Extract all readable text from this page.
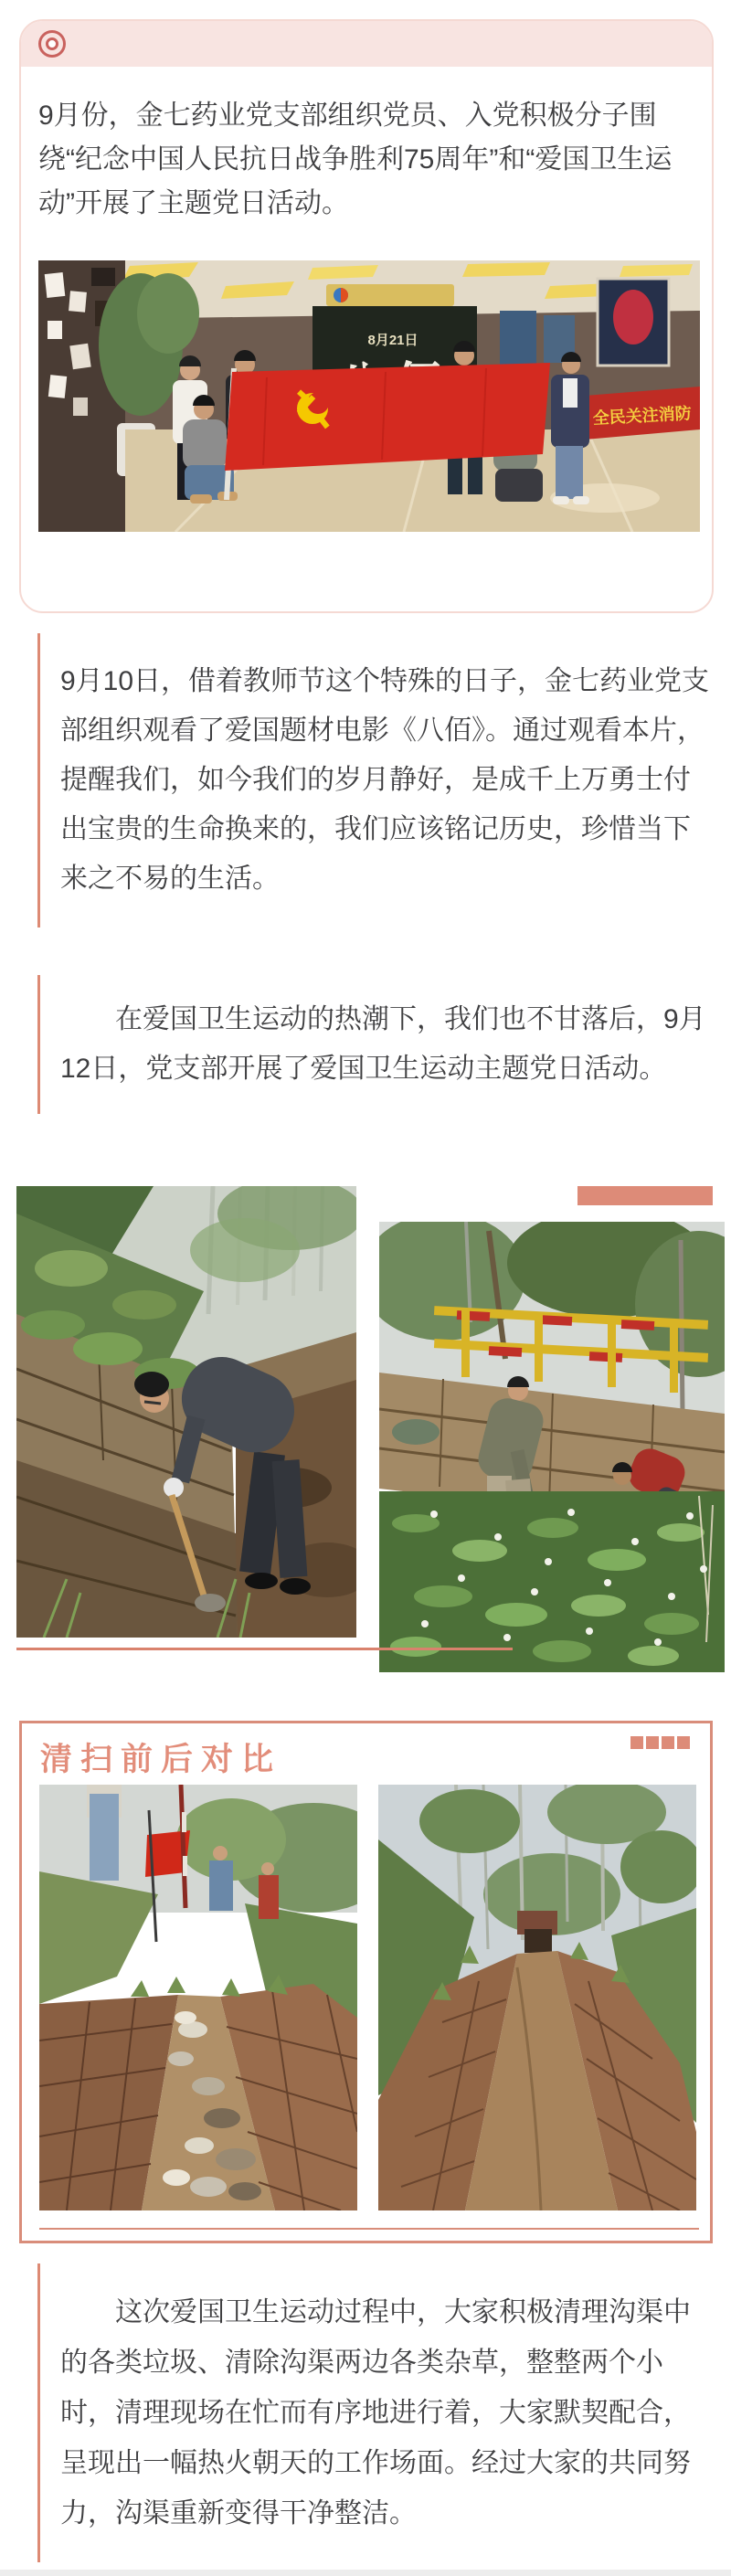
9月份，金七药业党支部组织党员、入党积极分子围绕“纪念中国人民抗日战争胜利75周年”和“爱国卫生运动”开展了主题党日活动。
8月21日
全民关注消防
9月10日，借着教师节这个特殊的日子，金七药业党支部组织观看了爱国题材电影《八佰》。通过观看本片，提醒我们，如今我们的岁月静好，是成千上万勇士付出宝贵的生命换来的，我们应该铭记历史，珍惜当下来之不易的生活。
在爱国卫生运动的热潮下，我们也不甘落后，9月12日，党支部开展了爱国卫生运动主题党日活动。
清扫前后对比
这次爱国卫生运动过程中，大家积极清理沟渠中的各类垃圾、清除沟渠两边各类杂草，整整两个小时，清理现场在忙而有序地进行着，大家默契配合，呈现出一幅热火朝天的工作场面。经过大家的共同努力，沟渠重新变得干净整洁。
